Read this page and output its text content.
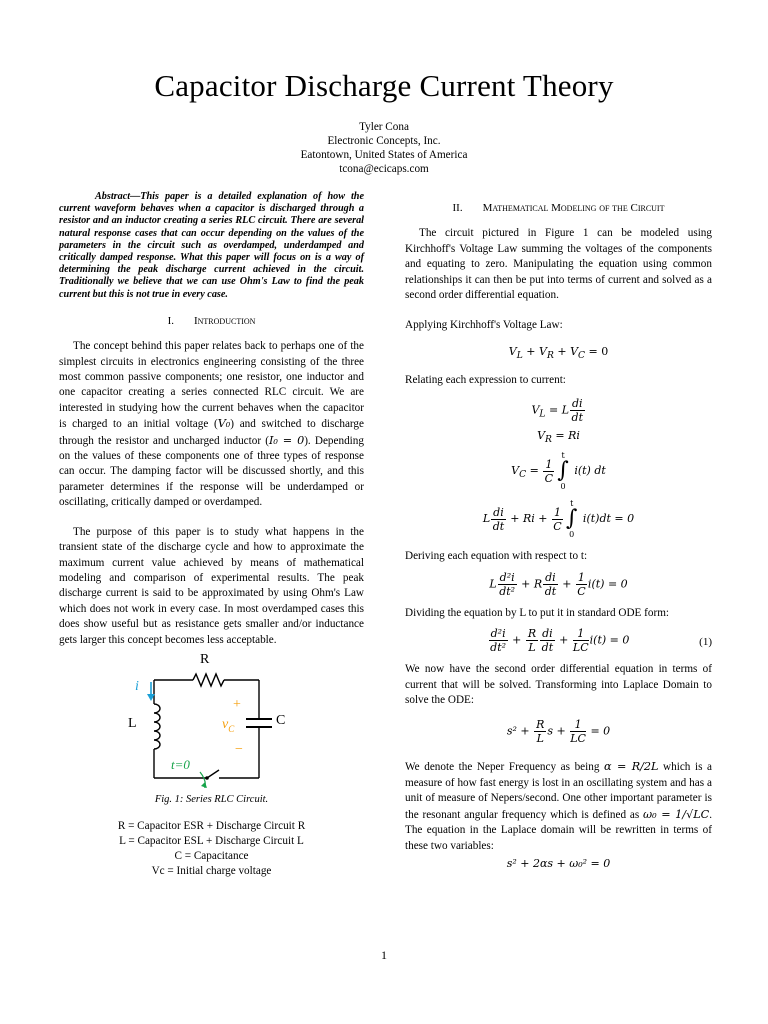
Capacitor Discharge Current Theory
Tyler Cona
Electronic Concepts, Inc.
Eatontown, United States of America
tcona@ecicaps.com

Abstract—This paper is a detailed explanation of how the current waveform behaves when a capacitor is discharged through a resistor and an inductor creating a series RLC circuit. There are several natural response cases that can occur depending on the values of the parameters in the circuit such as overdamped, underdamped and critically damped response. What this paper will focus on is a way of determining the peak discharge current achieved in the circuit. Traditionally we believe that we can use Ohm's Law to find the peak current but this is not true in every case.

I. Introduction

The concept behind this paper relates back to perhaps one of the simplest circuits in electronics engineering consisting of the three most common passive components; one resistor, one inductor and one capacitor creating a series connected RLC circuit. We are interested in studying how the current behaves when the capacitor is charged to an initial voltage (V₀) and switched to discharge through the resistor and uncharged inductor (I₀ = 0). Depending on the values of these components one of three types of response can occur. The damping factor will be discussed shortly, and this parameter determines if the response will be underdamped or oscillating, critically damped or overdamped.

The purpose of this paper is to study what happens in the transient state of the discharge cycle and how to approximate the maximum current value achieved by means of mathematical modeling and comparison of experimental results. The peak discharge current is said to be approximated by using Ohm's Law which does not work in every case. In most overdamped cases this does show useful but as resistance gets smaller and/or inductance gets larger this concept becomes less acceptable.

R
L	C
i
+
$v_C$
−
t=0
Fig. 1: Series RLC Circuit.
R = Capacitor ESR + Discharge Circuit R
L = Capacitor ESL + Discharge Circuit L
C = Capacitance
Vc = Initial charge voltage
II. Mathematical Modeling of the Circuit

The circuit pictured in Figure 1 can be modeled using Kirchhoff's Voltage Law summing the voltages of the components and equating to zero. Manipulating the equation using common relationships it can then be put into terms of current and solved as a second order differential equation.

Applying Kirchhoff's Voltage Law:

$V_L + V_R + V_C = 0$

Relating each expression to current:

$V_L = L \frac{di}{dt}$
$V_R = Ri$
$V_C = \frac{1}{C}$
t
∫
0
i(t) dt
L $\frac{di}{dt} + Ri + \frac{1}{C}$
t
∫
0
i(t)dt = 0

Deriving each equation with respect to t:

L $\frac{\text{d²i}}{\text{dt²}} + R \frac{di}{dt} + \frac{1}{C} i(t) = 0$

Dividing the equation by L to put it in standard ODE form:

$\frac{\text{d²i}}{\text{dt²}} + \frac{R}{L} \frac{di}{dt} + \frac{1}{LC} i(t) = 0$	(1)

We now have the second order differential equation in terms of current that will be solved. Transforming into Laplace Domain to solve the ODE:

$s^2 + \frac{R}{L}$ $s + \frac{1}{LC} = 0$

We denote the Neper Frequency as being α = R/2L which is a measure of how fast energy is lost in an oscillating system and has a unit of measure of Nepers/second. One other important parameter is the resonant angular frequency which is defined as ω₀ = 1/√LC. The equation in the Laplace domain will be rewritten in terms of these two variables:

s² + 2αs + ω₀² = 0
1
